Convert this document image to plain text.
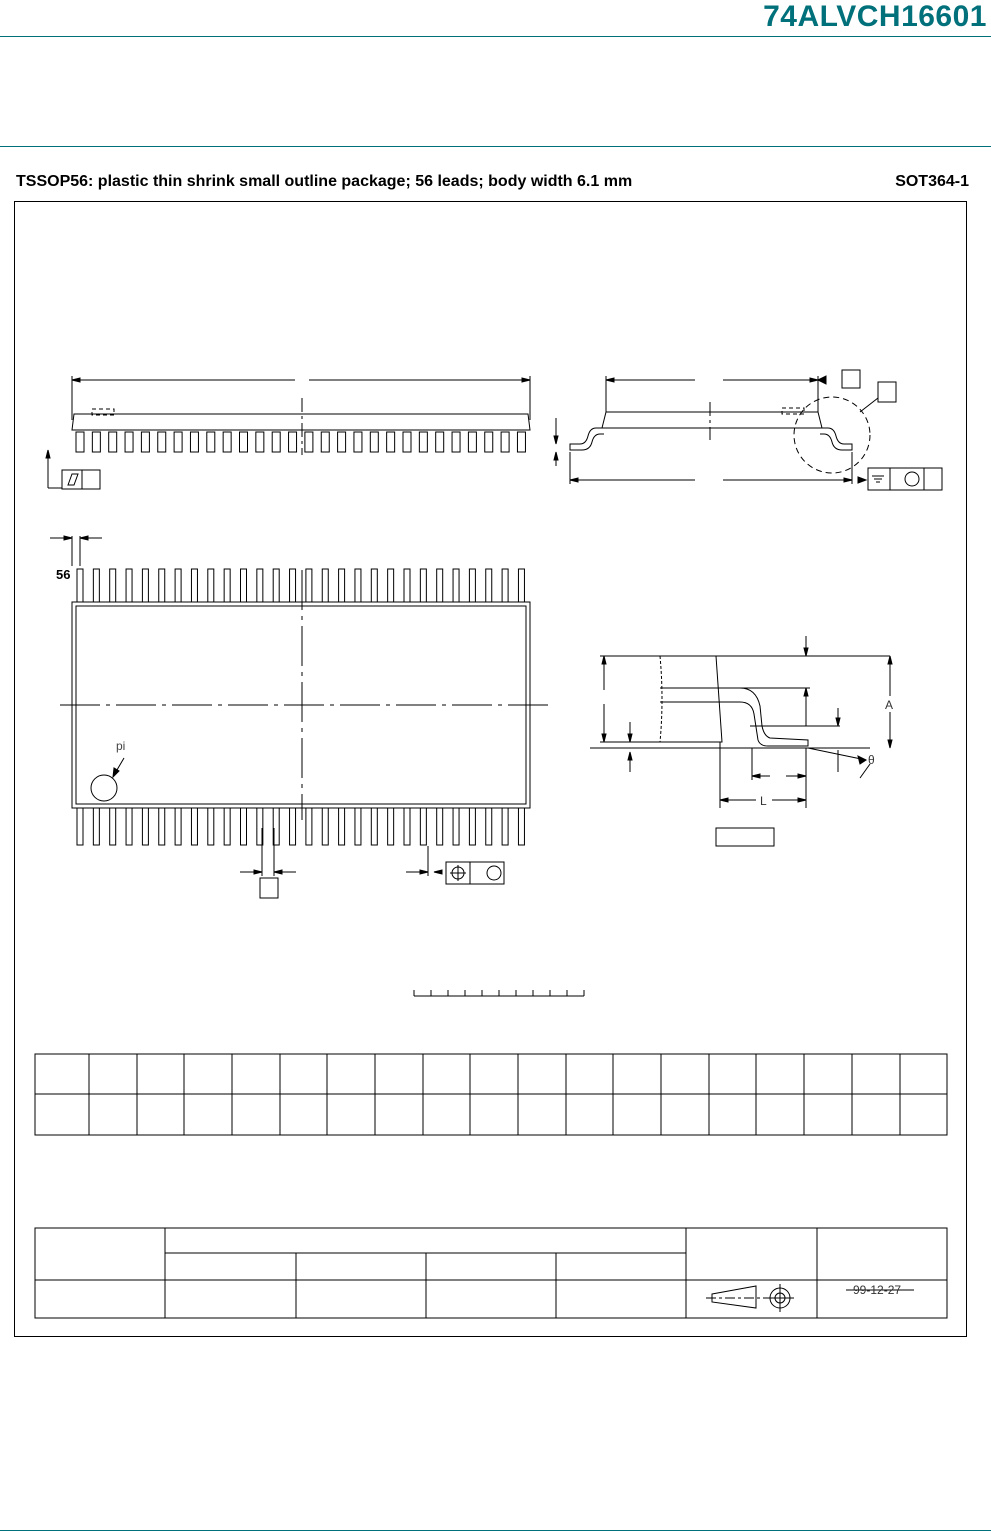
74ALVCH16601
TSSOP56: plastic thin shrink small outline package; 56 leads; body width 6.1 mm	SOT364-1
56
pi
A
L
θ
99-12-27
